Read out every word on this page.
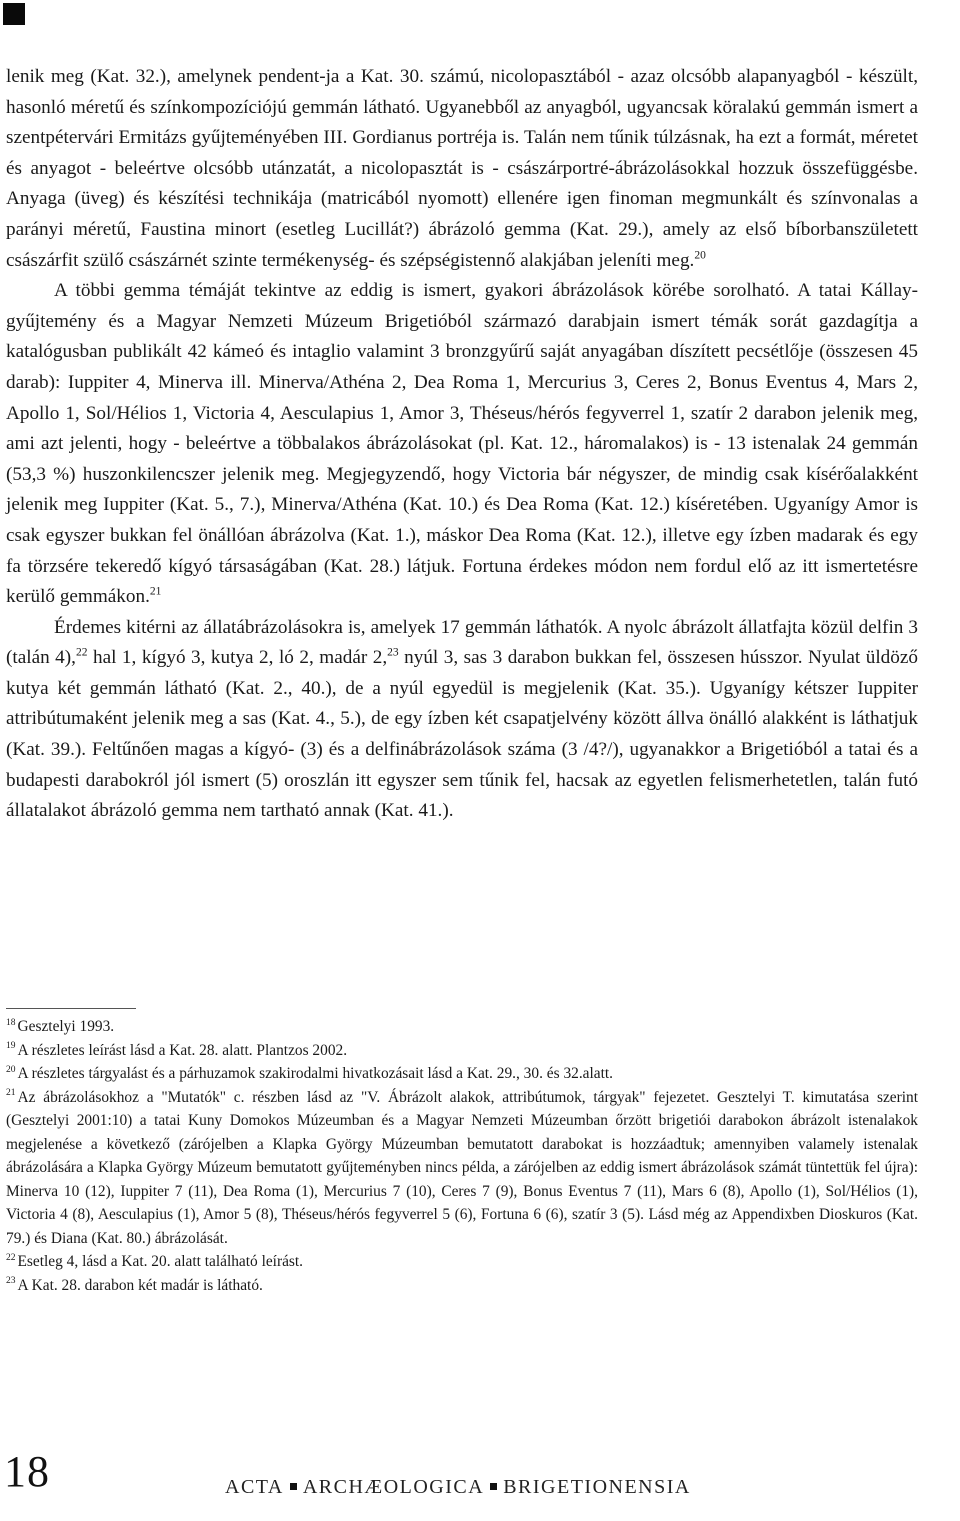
lenik meg (Kat. 32.), amelynek pendent-ja a Kat. 30. számú, nicolopasztából - azaz olcsóbb alapanyagból - készült, hasonló méretű és színkompozíciójú gemmán látható. Ugyanebből az anyagból, ugyancsak köralakú gemmán ismert a szentpétervári Ermitázs gyűjteményében III. Gordianus portréja is. Talán nem tűnik túlzásnak, ha ezt a formát, méretet és anyagot - beleértve olcsóbb utánzatát, a nicolopasztát is - császárportré-ábrázolásokkal hozzuk összefüggésbe. Anyaga (üveg) és készítési technikája (matricából nyomott) ellenére igen finoman megmunkált és színvonalas a parányi méretű, Faustina minort (esetleg Lucillát?) ábrázoló gemma (Kat. 29.), amely az első bíborbanszületett császárfit szülő császárnét szinte termékenység- és szépségistennő alakjában jeleníti meg.$^{20}$

A többi gemma témáját tekintve az eddig is ismert, gyakori ábrázolások körébe sorolható. A tatai Kállay-gyűjtemény és a Magyar Nemzeti Múzeum Brigetióból származó darabjain ismert témák sorát gazdagítja a katalógusban publikált 42 kámeó és intaglio valamint 3 bronzgyűrű saját anyagában díszített pecsétlője (összesen 45 darab): Iuppiter 4, Minerva ill. Minerva/Athéna 2, Dea Roma 1, Mercurius 3, Ceres 2, Bonus Eventus 4, Mars 2, Apollo 1, Sol/Hélios 1, Victoria 4, Aesculapius 1, Amor 3, Théseus/hérós fegyverrel 1, szatír 2 darabon jelenik meg, ami azt jelenti, hogy - beleértve a többalakos ábrázolásokat (pl. Kat. 12., háromalakos) is - 13 istenalak 24 gemmán (53,3 %) huszonkilencszer jelenik meg. Megjegyzendő, hogy Victoria bár négyszer, de mindig csak kísérőalakként jelenik meg Iuppiter (Kat. 5., 7.), Minerva/Athéna (Kat. 10.) és Dea Roma (Kat. 12.) kíséretében. Ugyanígy Amor is csak egyszer bukkan fel önállóan ábrázolva (Kat. 1.), máskor Dea Roma (Kat. 12.), illetve egy ízben madarak és egy fa törzsére tekeredő kígyó társaságában (Kat. 28.) látjuk. Fortuna érdekes módon nem fordul elő az itt ismertetésre kerülő gemmákon.$^{21}$

Érdemes kitérni az állatábrázolásokra is, amelyek 17 gemmán láthatók. A nyolc ábrázolt állatfajta közül delfin 3 (talán 4),$^{22}$ hal 1, kígyó 3, kutya 2, ló 2, madár 2,23 nyúl 3, sas 3 darabon bukkan fel, összesen hússzor. Nyulat üldöző kutya két gemmán látható (Kat. 2., 40.), de a nyúl egyedül is megjelenik (Kat. 35.). Ugyanígy kétszer Iuppiter attribútumaként jelenik meg a sas (Kat. 4., 5.), de egy ízben két csapatjelvény között állva önálló alakként is láthatjuk (Kat. 39.). Feltűnően magas a kígyó- (3) és a delfinábrázolások száma (3 /4?/), ugyanakkor a Brigetióból a tatai és a budapesti darabokról jól ismert (5) oroszlán itt egyszer sem tűnik fel, hacsak az egyetlen felismerhetetlen, talán futó állatalakot ábrázoló gemma nem tartható annak (Kat. 41.).

$^{18}$ Gesztelyi 1993.

$^{19}$ A részletes leírást lásd a Kat. 28. alatt. Plantzos 2002.

$^{20}$ A részletes tárgyalást és a párhuzamok szakirodalmi hivatkozásait lásd a Kat. 29., 30. és 32.alatt.

$^{21}$ Az ábrázolásokhoz a "Mutatók" c. részben lásd az "V. Ábrázolt alakok, attribútumok, tárgyak" fejezetet. Gesztelyi T. kimutatása szerint (Gesztelyi 2001:10) a tatai Kuny Domokos Múzeumban és a Magyar Nemzeti Múzeumban őrzött brigetiói darabokon ábrázolt istenalakok megjelenése a következő (zárójelben a Klapka György Múzeumban bemutatott darabokat is hozzáadtuk; amennyiben valamely istenalak ábrázolására a Klapka György Múzeum bemutatott gyűjteményben nincs példa, a zárójelben az eddig ismert ábrázolások számát tüntettük fel újra): Minerva 10 (12), Iuppiter 7 (11), Dea Roma (1), Mercurius 7 (10), Ceres 7 (9), Bonus Eventus 7 (11), Mars 6 (8), Apollo (1), Sol/Hélios (1), Victoria 4 (8), Aesculapius (1), Amor 5 (8), Théseus/hérós fegyverrel 5 (6), Fortuna 6 (6), szatír 3 (5). Lásd még az Appendixben Dioskuros (Kat. 79.) és Diana (Kat. 80.) ábrázolását.

$^{22}$ Esetleg 4, lásd a Kat. 20. alatt található leírást.

$^{23}$ A Kat. 28. darabon két madár is látható.

18	ACTA ARCHÆOLOGICA BRIGETIONENSIA
